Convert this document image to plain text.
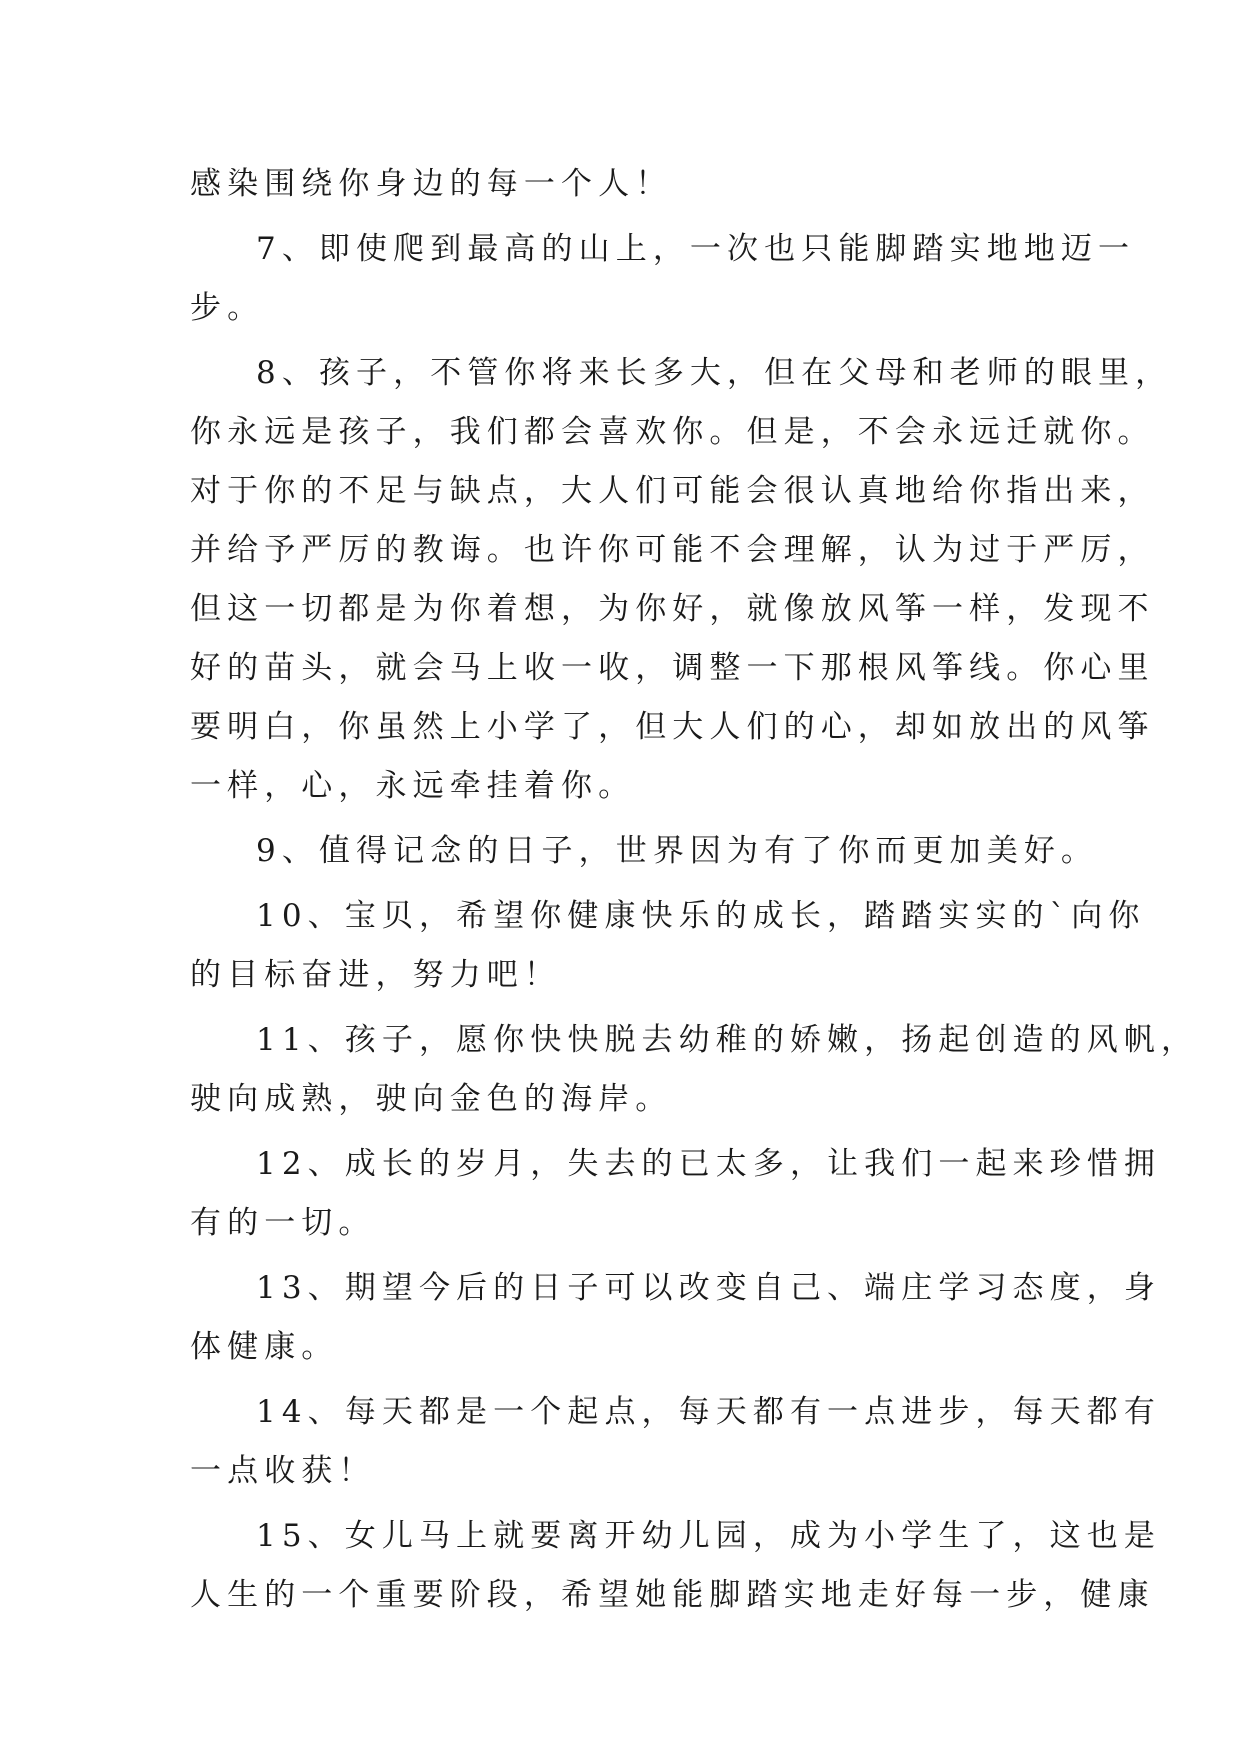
感染围绕你身边的每一个人！
7、即使爬到最高的山上，一次也只能脚踏实地地迈一
步。
8、孩子，不管你将来长多大，但在父母和老师的眼里，
你永远是孩子，我们都会喜欢你。但是，不会永远迁就你。
对于你的不足与缺点，大人们可能会很认真地给你指出来，
并给予严厉的教诲。也许你可能不会理解，认为过于严厉，
但这一切都是为你着想，为你好，就像放风筝一样，发现不
好的苗头，就会马上收一收，调整一下那根风筝线。你心里
要明白，你虽然上小学了，但大人们的心，却如放出的风筝
一样，心，永远牵挂着你。
9、值得记念的日子，世界因为有了你而更加美好。
10、宝贝，希望你健康快乐的成长，踏踏实实的`向你
的目标奋进，努力吧！
11、孩子，愿你快快脱去幼稚的娇嫩，扬起创造的风帆，
驶向成熟，驶向金色的海岸。
12、成长的岁月，失去的已太多，让我们一起来珍惜拥
有的一切。
13、期望今后的日子可以改变自己、端庄学习态度，身
体健康。
14、每天都是一个起点，每天都有一点进步，每天都有
一点收获！
15、女儿马上就要离开幼儿园，成为小学生了，这也是
人生的一个重要阶段，希望她能脚踏实地走好每一步，健康
